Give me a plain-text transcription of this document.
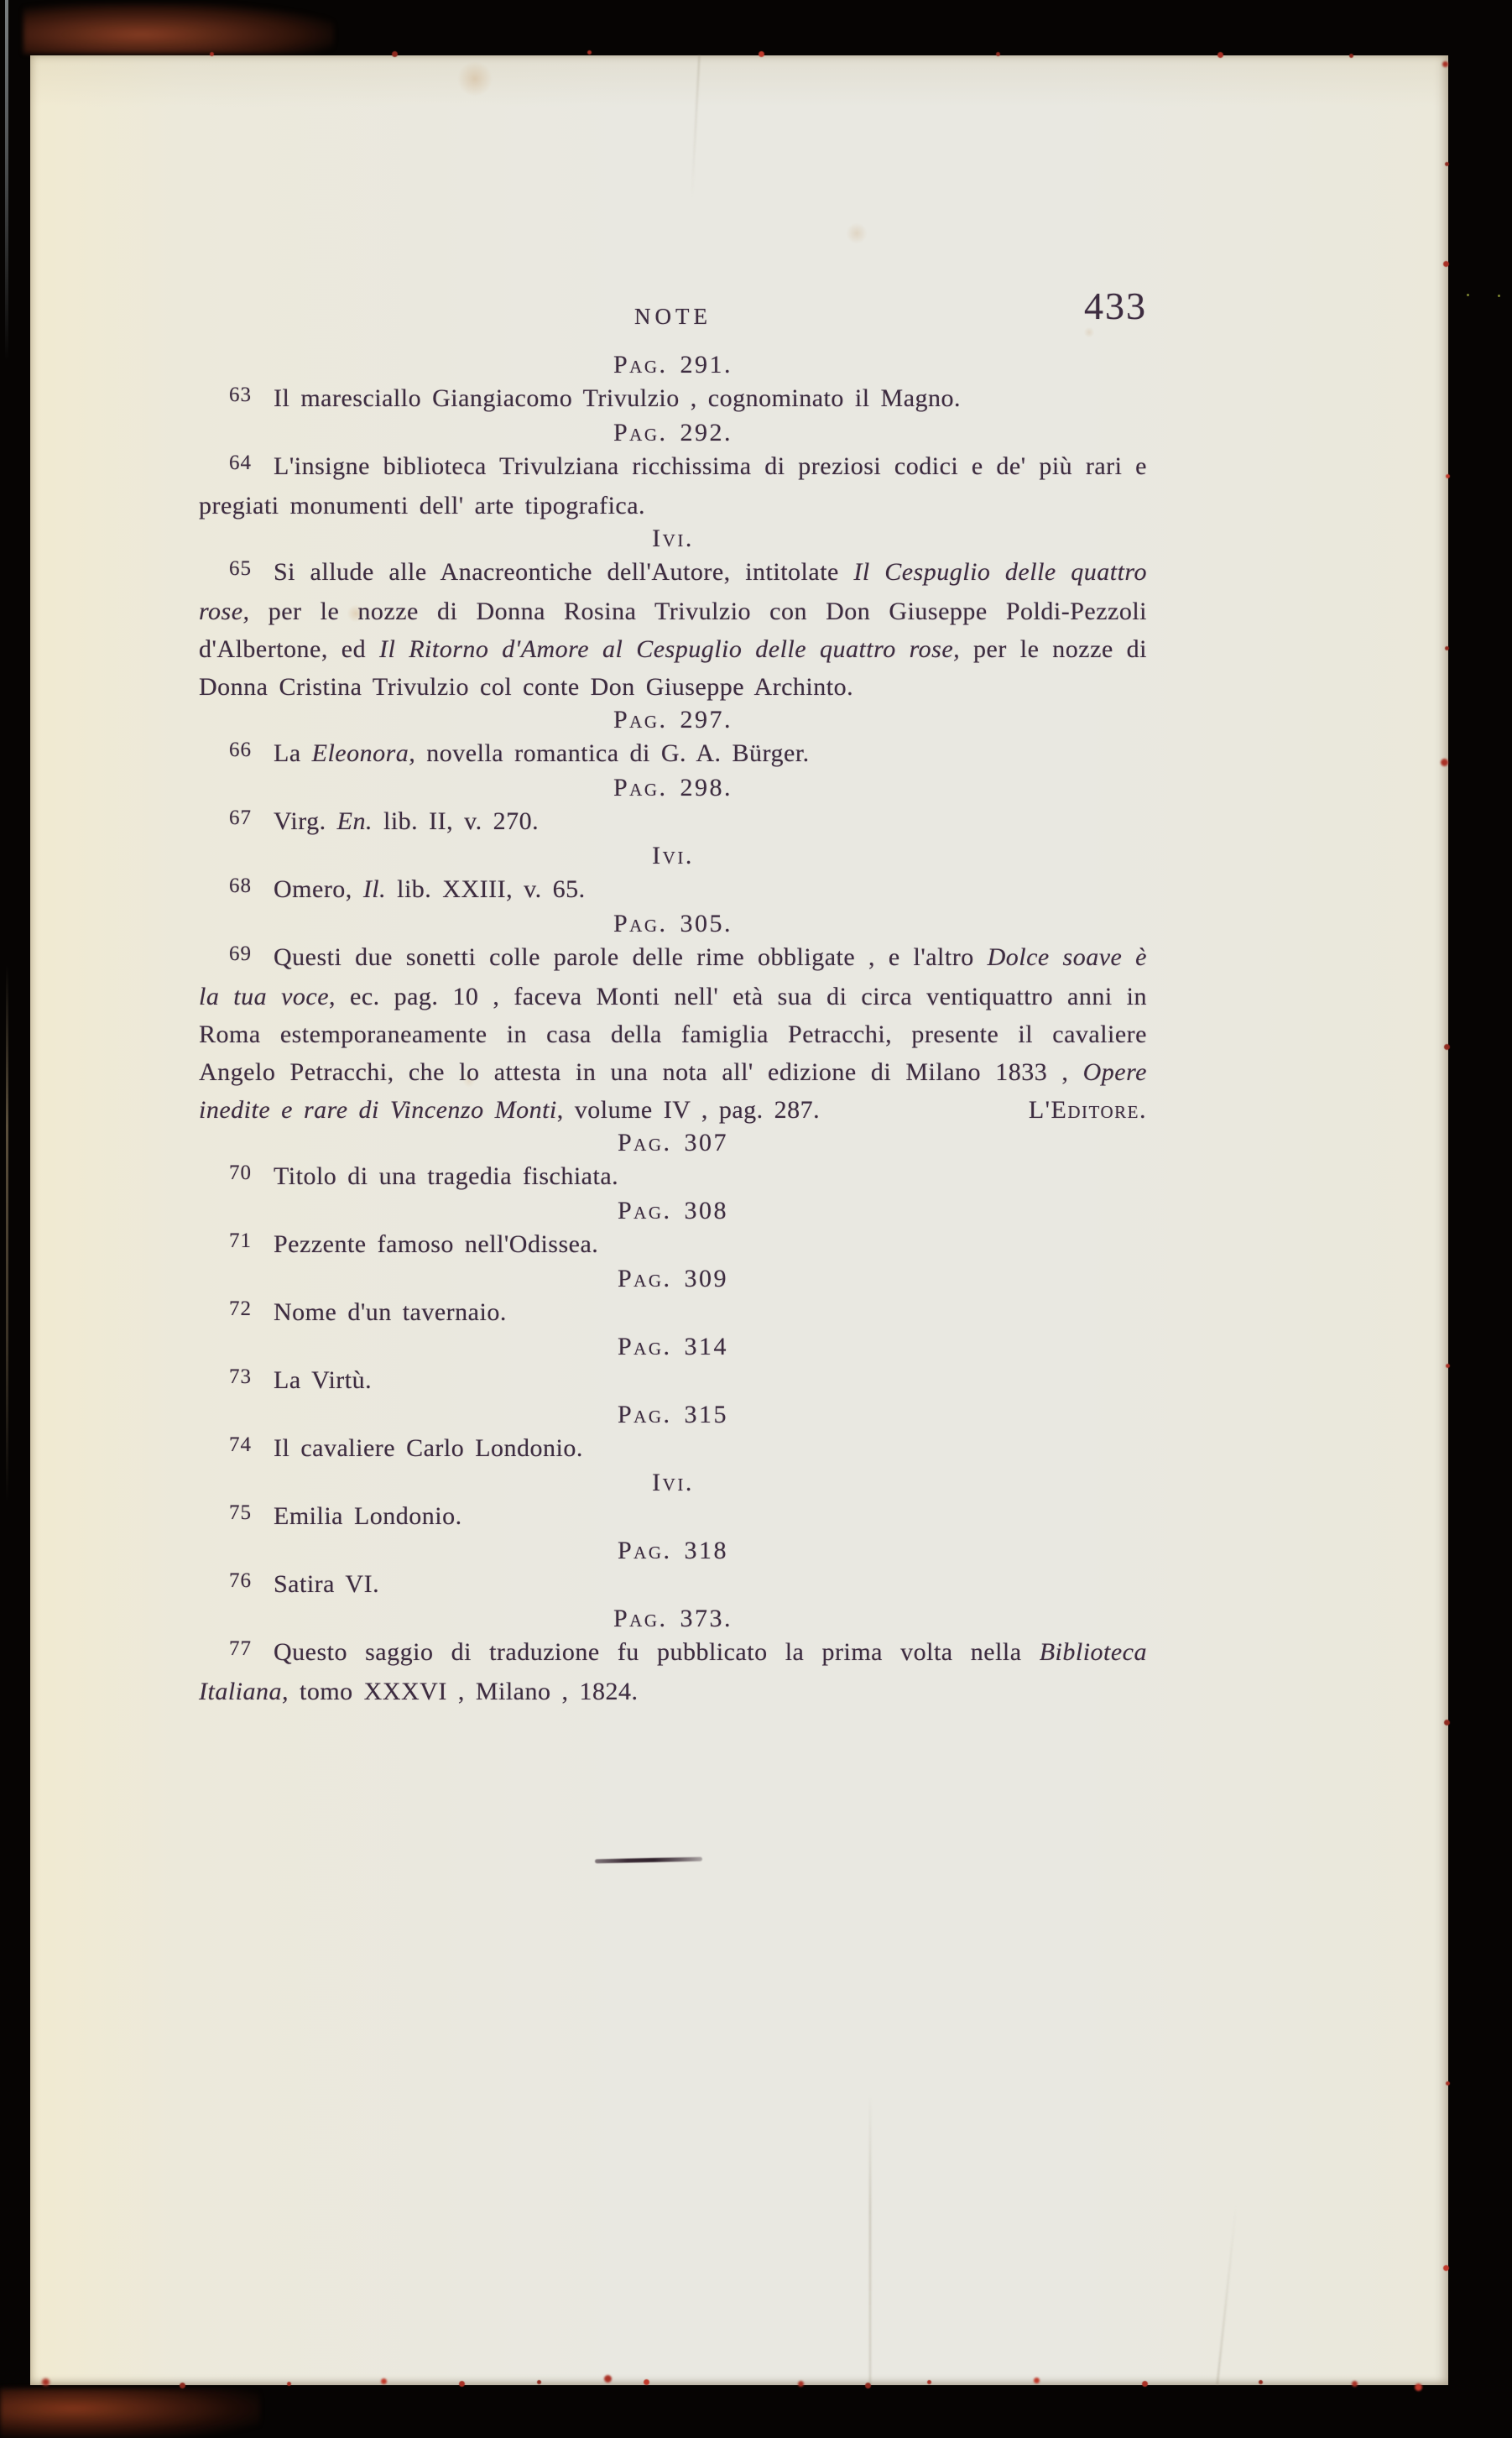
NOTE	433
Pag. 291.

$^{63}$ Il maresciallo Giangiacomo Trivulzio , cognominato il Magno.

Pag. 292.

$^{64}$ L'insigne biblioteca Trivulziana ricchissima di preziosi codici e de' più rari e pregiati monumenti dell' arte tipografica.

Ivi.

$^{65}$ Si allude alle Anacreontiche dell'Autore, intitolate Il Cespuglio delle quattro rose, per le nozze di Donna Rosina Trivulzio con Don Giuseppe Poldi-Pezzoli d'Albertone, ed Il Ritorno d'Amore al Cespuglio delle quattro rose, per le nozze di Donna Cristina Trivulzio col conte Don Giuseppe Archinto.

Pag. 297.

$^{66}$ La Eleonora, novella romantica di G. A. Bürger.

Pag. 298.

$^{67}$ Virg. En. lib. II, v. 270.

Ivi.

$^{68}$ Omero, Il. lib. XXIII, v. 65.

Pag. 305.

$^{69}$ Questi due sonetti colle parole delle rime obbligate , e l'altro Dolce soave è la tua voce, ec. pag. 10 , faceva Monti nell' età sua di circa ventiquattro anni in Roma estemporaneamente in casa della famiglia Petracchi, presente il cavaliere Angelo Petracchi, che lo attesta in una nota all' edizione di Milano 1833 , Opere inedite e rare di Vincenzo Monti, volume IV , pag. 287.	L'Editore.

Pag. 307

$^{70}$ Titolo di una tragedia fischiata.

Pag. 308

$^{71}$ Pezzente famoso nell'Odissea.

Pag. 309

$^{72}$ Nome d'un tavernaio.

Pag. 314

$^{73}$ La Virtù.

Pag. 315

$^{74}$ Il cavaliere Carlo Londonio.

Ivi.

$^{75}$ Emilia Londonio.

Pag. 318

$^{76}$ Satira VI.

Pag. 373.

$^{77}$ Questo saggio di traduzione fu pubblicato la prima volta nella Biblioteca Italiana, tomo XXXVI , Milano , 1824.
